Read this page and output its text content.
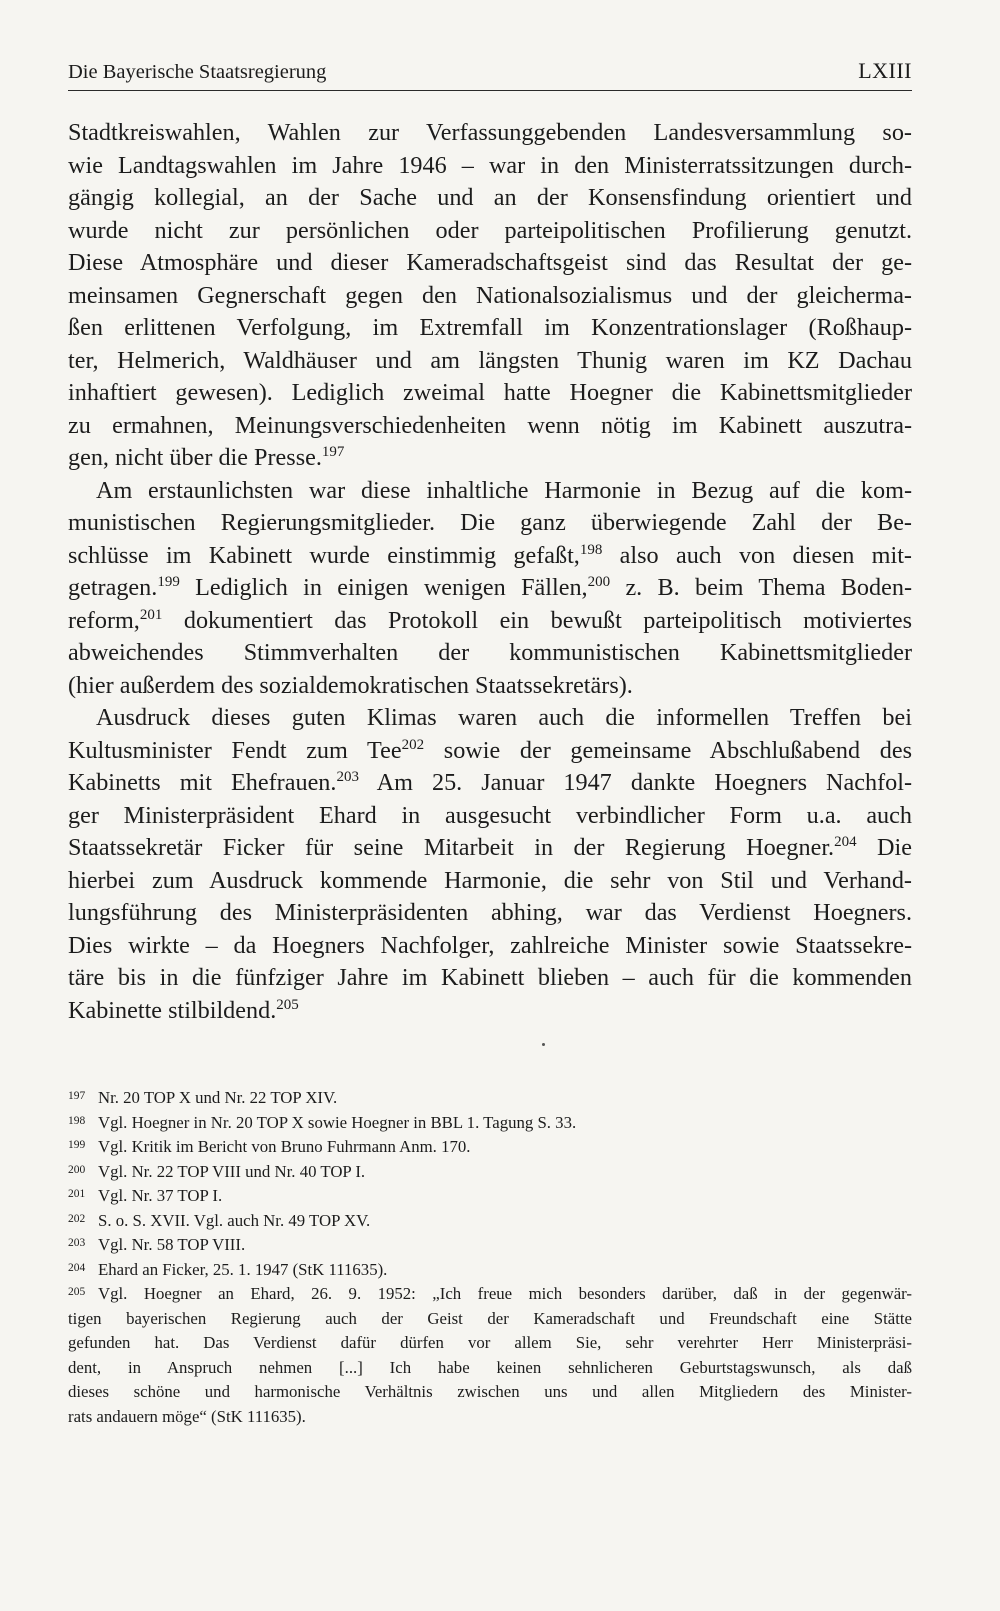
Die Bayerische Staatsregierung	LXIII

Stadtkreiswahlen, Wahlen zur Verfassunggebenden Landesversammlung so-
wie Landtagswahlen im Jahre 1946 – war in den Ministerratssitzungen durch-
gängig kollegial, an der Sache und an der Konsensfindung orientiert und
wurde nicht zur persönlichen oder parteipolitischen Profilierung genutzt.
Diese Atmosphäre und dieser Kameradschaftsgeist sind das Resultat der ge-
meinsamen Gegnerschaft gegen den Nationalsozialismus und der gleicherma-
ßen erlittenen Verfolgung, im Extremfall im Konzentrationslager (Roßhaup-
ter, Helmerich, Waldhäuser und am längsten Thunig waren im KZ Dachau
inhaftiert gewesen). Lediglich zweimal hatte Hoegner die Kabinettsmitglieder
zu ermahnen, Meinungsverschiedenheiten wenn nötig im Kabinett auszutra-
gen, nicht über die Presse.$^{197}$

Am erstaunlichsten war diese inhaltliche Harmonie in Bezug auf die kom-
munistischen Regierungsmitglieder. Die ganz überwiegende Zahl der Be-
schlüsse im Kabinett wurde einstimmig gefaßt,$^{198}$ also auch von diesen mit-
getragen.$^{199}$ Lediglich in einigen wenigen Fällen,$^{200}$ z. B. beim Thema Boden-
reform,$^{201}$ dokumentiert das Protokoll ein bewußt parteipolitisch motiviertes
abweichendes Stimmverhalten der kommunistischen Kabinettsmitglieder
(hier außerdem des sozialdemokratischen Staatssekretärs).

Ausdruck dieses guten Klimas waren auch die informellen Treffen bei
Kultusminister Fendt zum Tee$^{202}$ sowie der gemeinsame Abschlußabend des
Kabinetts mit Ehefrauen.$^{203}$ Am 25. Januar 1947 dankte Hoegners Nachfol-
ger Ministerpräsident Ehard in ausgesucht verbindlicher Form u.a. auch
Staatssekretär Ficker für seine Mitarbeit in der Regierung Hoegner.$^{204}$ Die
hierbei zum Ausdruck kommende Harmonie, die sehr von Stil und Verhand-
lungsführung des Ministerpräsidenten abhing, war das Verdienst Hoegners.
Dies wirkte – da Hoegners Nachfolger, zahlreiche Minister sowie Staatssekre-
täre bis in die fünfziger Jahre im Kabinett blieben – auch für die kommenden
Kabinette stilbildend.$^{205}$

197 Nr. 20 TOP X und Nr. 22 TOP XIV.
198 Vgl. Hoegner in Nr. 20 TOP X sowie Hoegner in BBL 1. Tagung S. 33.
199 Vgl. Kritik im Bericht von Bruno Fuhrmann Anm. 170.
200 Vgl. Nr. 22 TOP VIII und Nr. 40 TOP I.
201 Vgl. Nr. 37 TOP I.
202 S. o. S. XVII. Vgl. auch Nr. 49 TOP XV.
203 Vgl. Nr. 58 TOP VIII.
204 Ehard an Ficker, 25. 1. 1947 (StK 111635).
205 Vgl. Hoegner an Ehard, 26. 9. 1952: „Ich freue mich besonders darüber, daß in der gegenwär-
tigen bayerischen Regierung auch der Geist der Kameradschaft und Freundschaft eine Stätte
gefunden hat. Das Verdienst dafür dürfen vor allem Sie, sehr verehrter Herr Ministerpräsi-
dent, in Anspruch nehmen [...] Ich habe keinen sehnlicheren Geburtstagswunsch, als daß
dieses schöne und harmonische Verhältnis zwischen uns und allen Mitgliedern des Minister-
rats andauern möge“ (StK 111635).
